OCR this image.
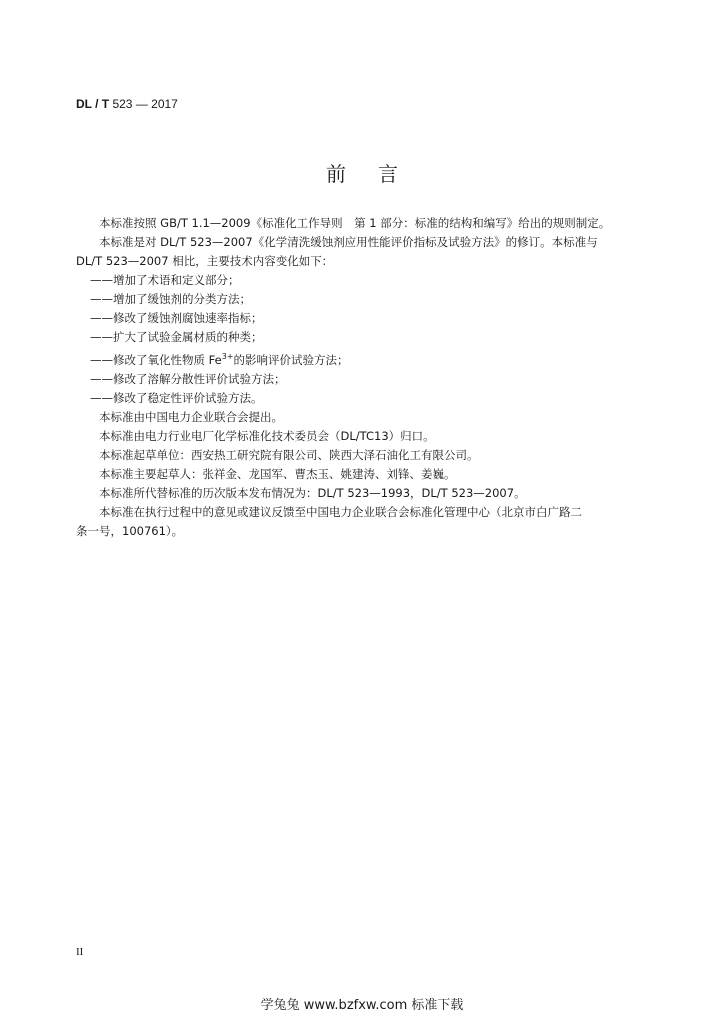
DL / T 523 — 2017
前言
本标准按照 GB/T 1.1—2009《标准化工作导则　第 1 部分：标准的结构和编写》给出的规则制定。
本标准是对 DL/T 523—2007《化学清洗缓蚀剂应用性能评价指标及试验方法》的修订。本标准与
DL/T 523—2007 相比，主要技术内容变化如下：
——增加了术语和定义部分；
——增加了缓蚀剂的分类方法；
——修改了缓蚀剂腐蚀速率指标；
——扩大了试验金属材质的种类；
——修改了氧化性物质 $Fe^{3+}$的影响评价试验方法；
——修改了溶解分散性评价试验方法；
——修改了稳定性评价试验方法。
本标准由中国电力企业联合会提出。
本标准由电力行业电厂化学标准化技术委员会（DL/TC13）归口。
本标准起草单位：西安热工研究院有限公司、陕西大泽石油化工有限公司。
本标准主要起草人：张祥金、龙国军、曹杰玉、姚建涛、刘锋、姜巍。
本标准所代替标准的历次版本发布情况为：DL/T 523—1993，DL/T 523—2007。
本标准在执行过程中的意见或建议反馈至中国电力企业联合会标准化管理中心（北京市白广路二
条一号，100761）。
II
学兔兔 www.bzfxw.com 标准下载
